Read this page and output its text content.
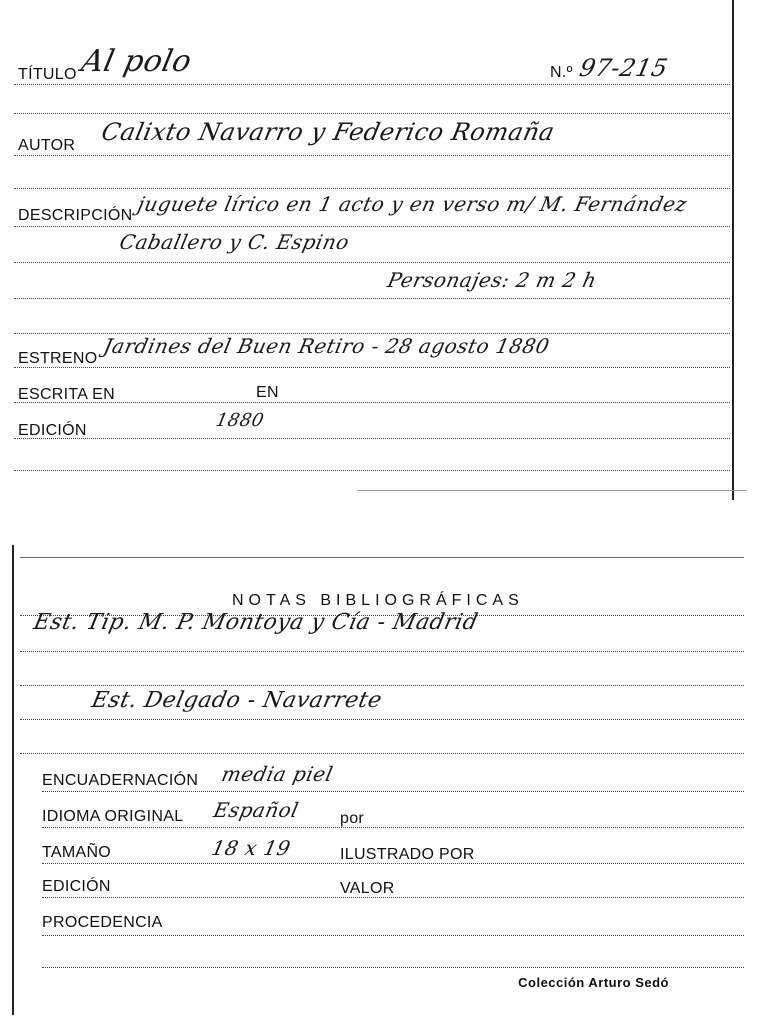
TÍTULO Al polo	N.º 97-215
AUTOR Calixto Navarro y Federico Romaña
DESCRIPCIÓN juguete lírico en 1 acto y en verso m/ M. Fernández
Caballero y C. Espino
Personajes: 2 m 2 h
ESTRENO
Jardines del Buen Retiro - 28 agosto 1880
ESCRITA EN	EN
EDICIÓN	1880
NOTAS BIBLIOGRÁFICAS
Est. Tip. M. P. Montoya y Cía - Madrid
Est. Delgado - Navarrete
ENCUADERNACIÓN media piel
IDIOMA ORIGINAL Español por
TAMAÑO	18 x 19	ILUSTRADO POR
EDICIÓN	VALOR
PROCEDENCIA
Colección Arturo Sedó
